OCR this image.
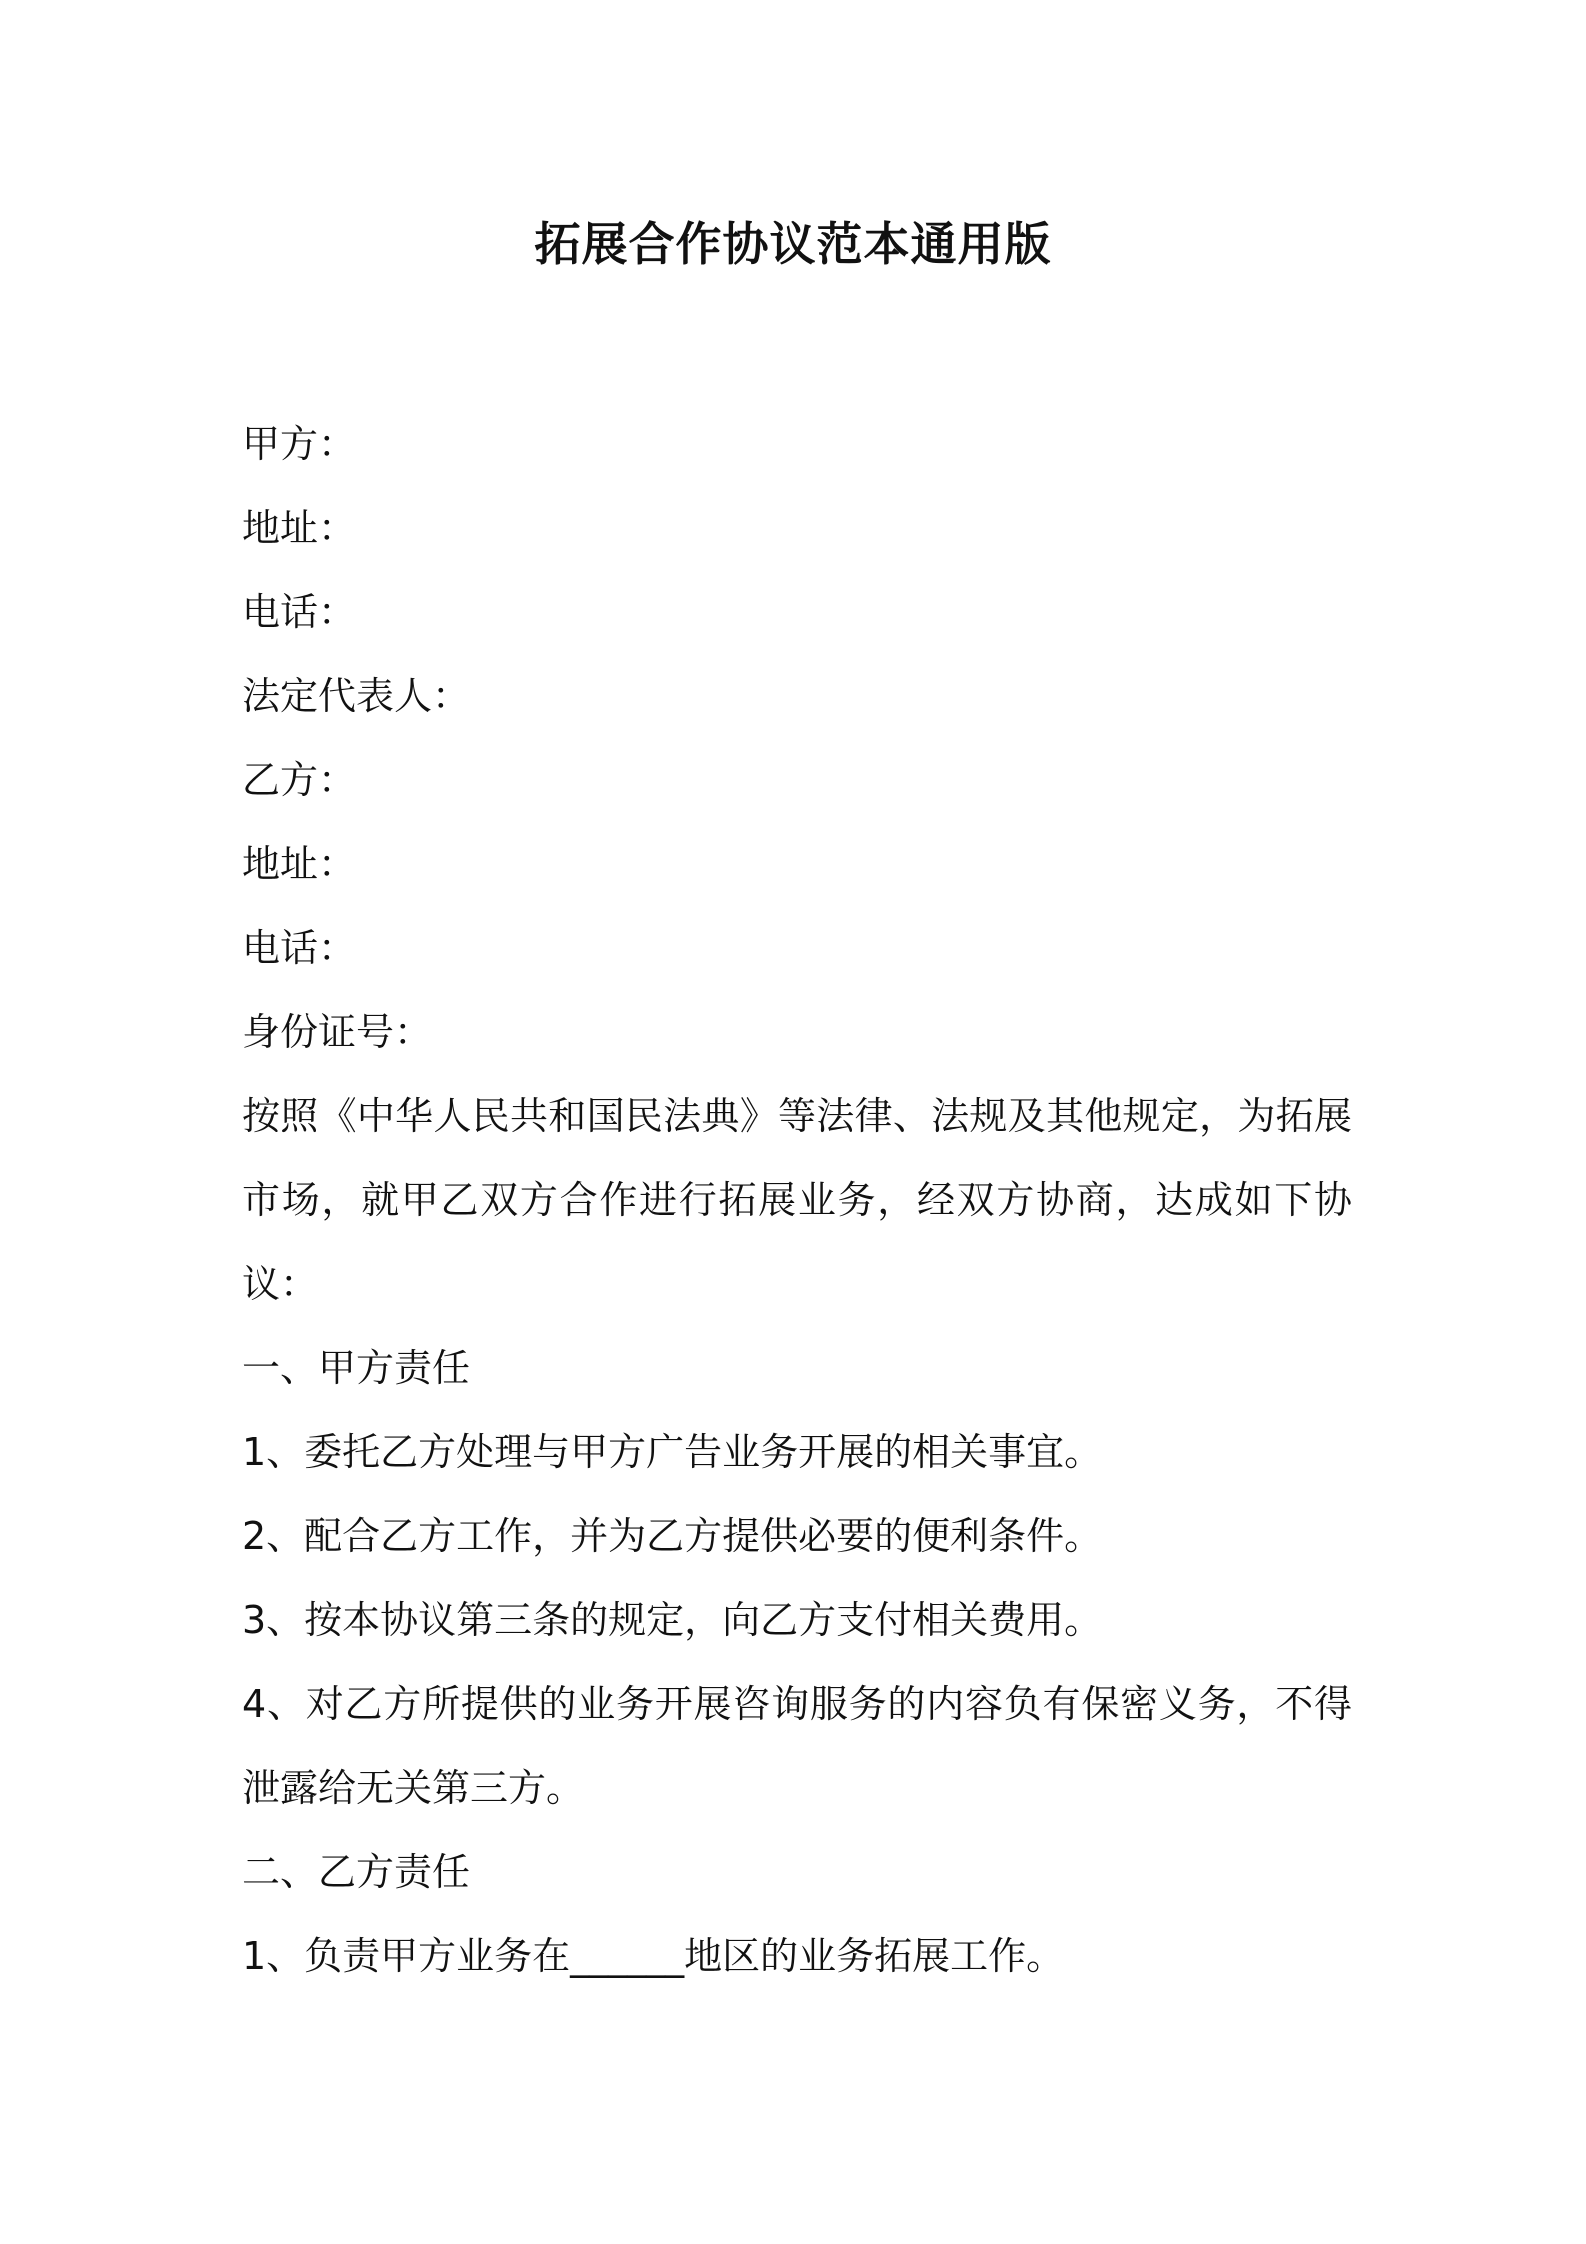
拓展合作协议范本通用版
甲方：
地址：
电话：
法定代表人：
乙方：
地址：
电话：
身份证号：
按照《中华人民共和国民法典》等法律、法规及其他规定，为拓展市场，就甲乙双方合作进行拓展业务，经双方协商，达成如下协议：
一、甲方责任
1、委托乙方处理与甲方广告业务开展的相关事宜。
2、配合乙方工作，并为乙方提供必要的便利条件。
3、按本协议第三条的规定，向乙方支付相关费用。
4、对乙方所提供的业务开展咨询服务的内容负有保密义务，不得泄露给无关第三方。
二、乙方责任
1、负责甲方业务在______地区的业务拓展工作。
